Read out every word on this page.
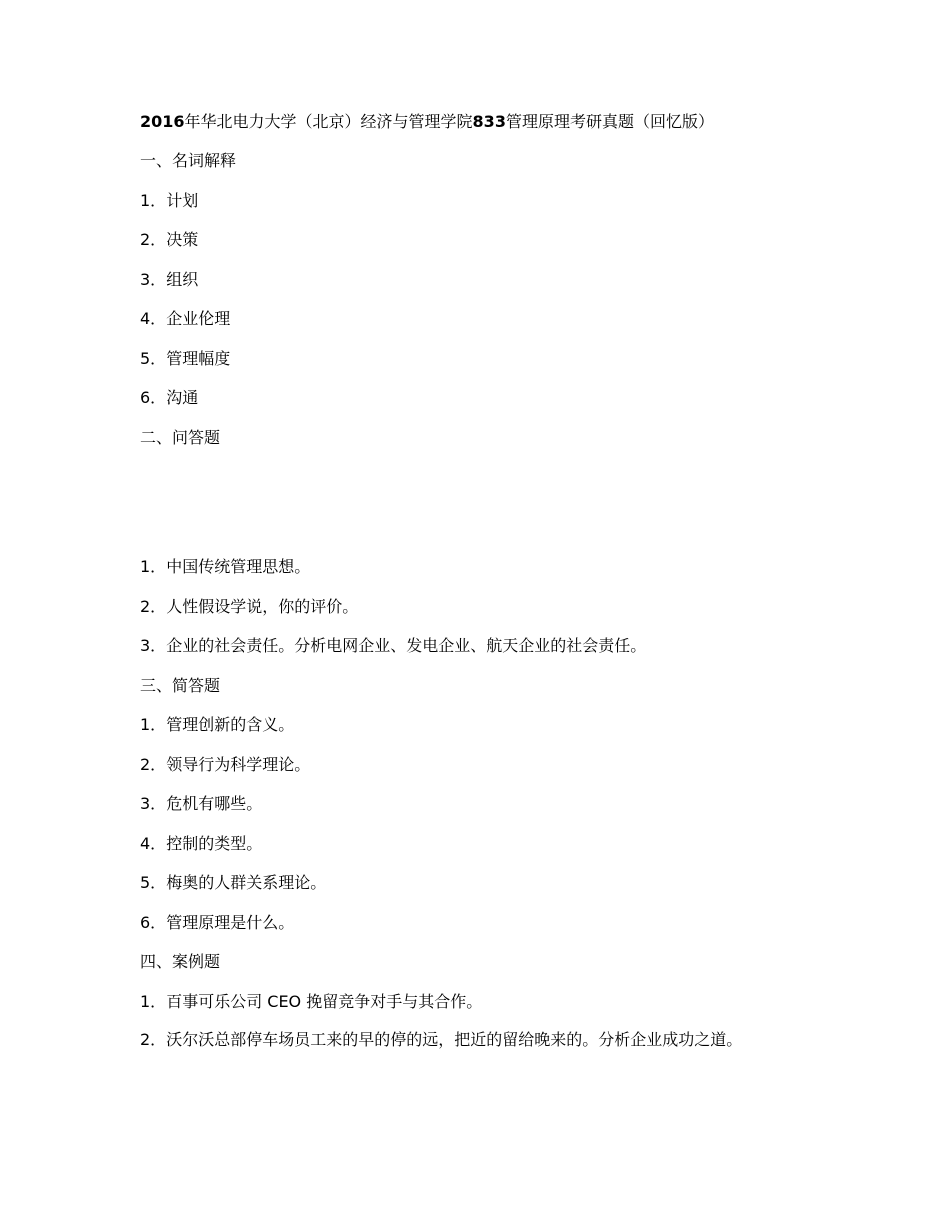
2016年华北电力大学（北京）经济与管理学院833管理原理考研真题（回忆版）
一、名词解释
1．计划
2．决策
3．组织
4．企业伦理
5．管理幅度
6．沟通
二、问答题
1．中国传统管理思想。
2．人性假设学说，你的评价。
3．企业的社会责任。分析电网企业、发电企业、航天企业的社会责任。
三、简答题
1．管理创新的含义。
2．领导行为科学理论。
3．危机有哪些。
4．控制的类型。
5．梅奥的人群关系理论。
6．管理原理是什么。
四、案例题
1．百事可乐公司 CEO 挽留竞争对手与其合作。
2．沃尔沃总部停车场员工来的早的停的远，把近的留给晚来的。分析企业成功之道。
